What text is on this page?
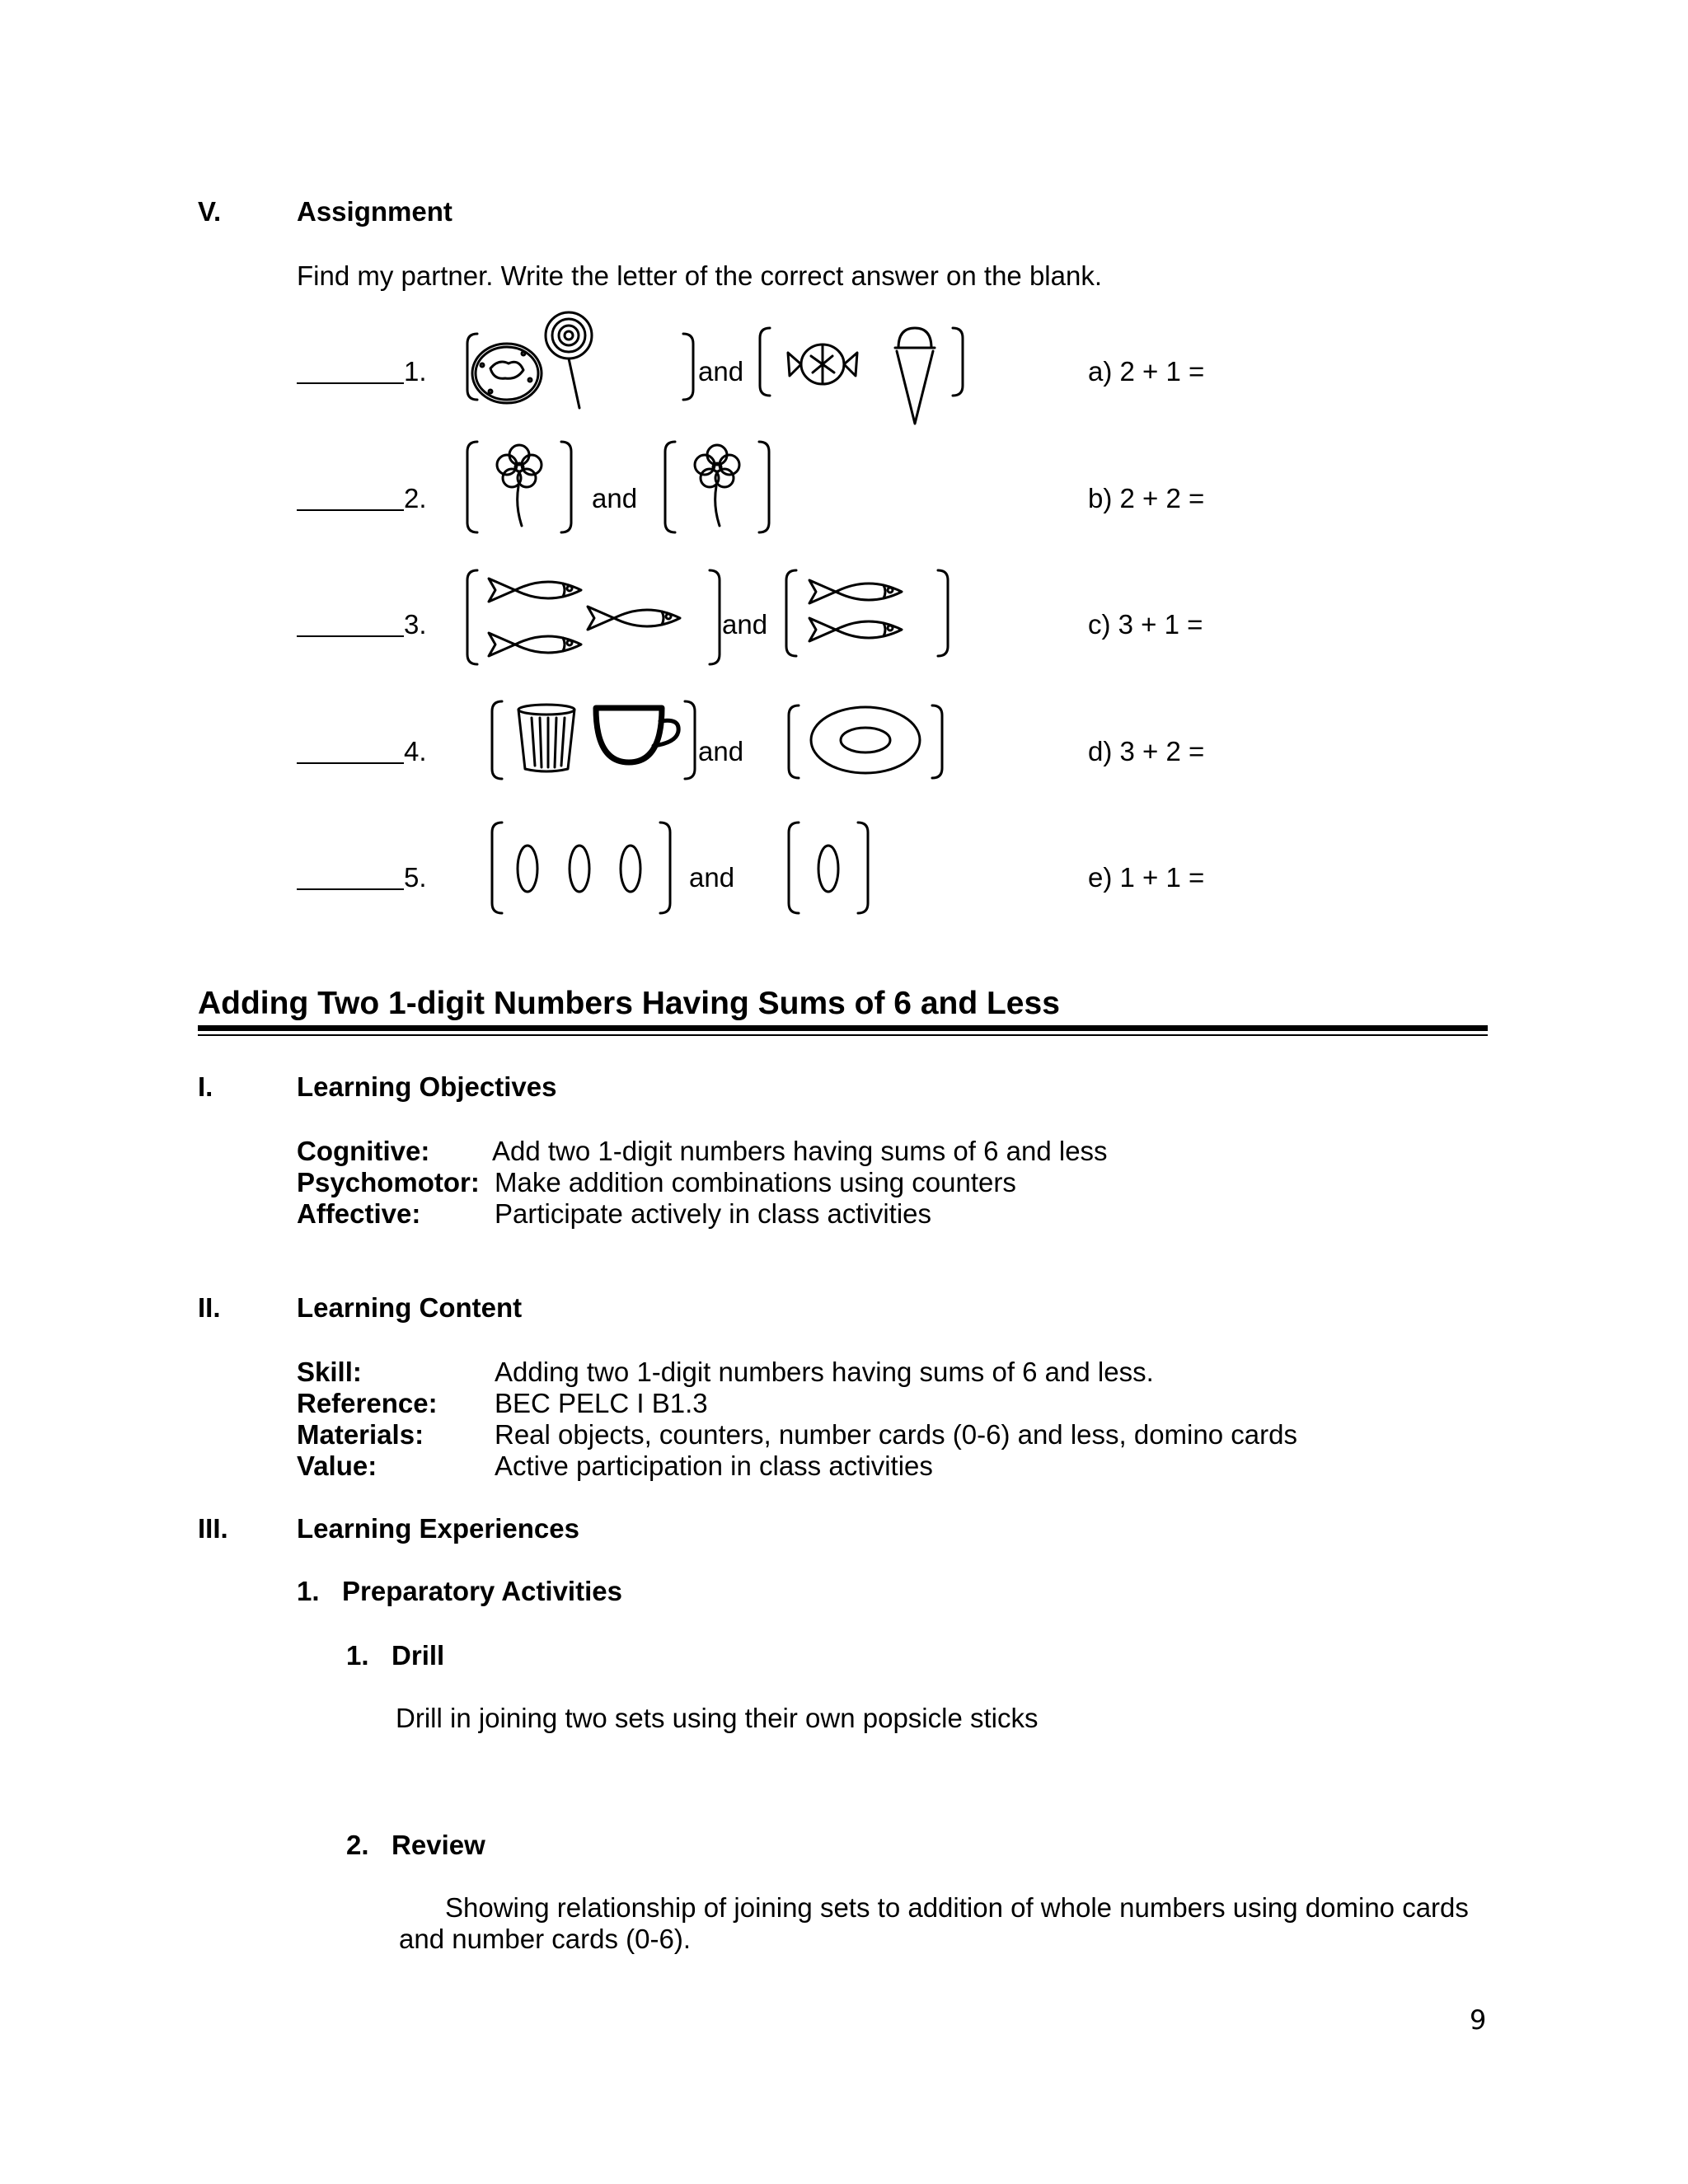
V.	Assignment
Find my partner. Write the letter of the correct answer on the blank.
1.	and	a) 2 + 1 =
2.	and	b) 2 + 2 =
3.	and	c) 3 + 1 =
4.	and	d) 3 + 2 =
5.	and	e) 1 + 1 =
Adding Two 1-digit Numbers Having Sums of 6 and Less
I.	Learning Objectives
Cognitive: Add two 1-digit numbers having sums of 6 and less
Psychomotor: Make addition combinations using counters
Affective:	Participate actively in class activities
II.	Learning Content
Skill:	Adding two 1-digit numbers having sums of 6 and less.
Reference: BEC PELC I B1.3
Materials:	Real objects, counters, number cards (0-6) and less, domino cards
Value:	Active participation in class activities
III.	Learning Experiences
1.   Preparatory Activities
1.   Drill
Drill in joining two sets using their own popsicle sticks
2.   Review
Showing relationship of joining sets to addition of whole numbers using domino cards
and number cards (0-6).
9
